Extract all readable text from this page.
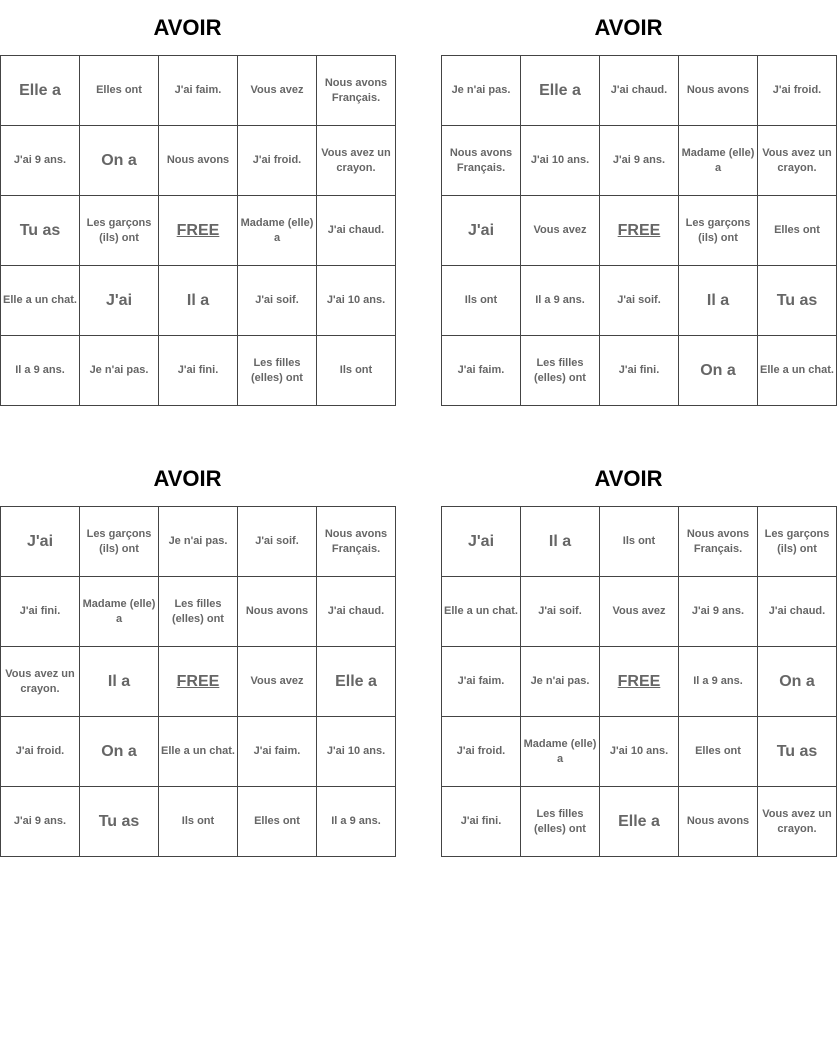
AVOIR
Elle a	Elles ont	J'ai faim.	Vous avez	Nous avons Français.
J'ai 9 ans.	On a	Nous avons	J'ai froid.	Vous avez un crayon.
Tu as	Les garçons (ils) ont	FREE	Madame (elle) a	J'ai chaud.
Elle a un chat.	J'ai	Il a	J'ai soif.	J'ai 10 ans.
Il a 9 ans.	Je n'ai pas.	J'ai fini.	Les filles (elles) ont	Ils ont
AVOIR
Je n'ai pas.	Elle a	J'ai chaud.	Nous avons	J'ai froid.
Nous avons Français.	J'ai 10 ans.	J'ai 9 ans.	Madame (elle) a	Vous avez un crayon.
J'ai	Vous avez	FREE	Les garçons (ils) ont	Elles ont
Ils ont	Il a 9 ans.	J'ai soif.	Il a	Tu as
J'ai faim.	Les filles (elles) ont	J'ai fini.	On a	Elle a un chat.
AVOIR
J'ai	Les garçons (ils) ont	Je n'ai pas.	J'ai soif.	Nous avons Français.
J'ai fini.	Madame (elle) a	Les filles (elles) ont	Nous avons	J'ai chaud.
Vous avez un crayon.	Il a	FREE	Vous avez	Elle a
J'ai froid.	On a	Elle a un chat.	J'ai faim.	J'ai 10 ans.
J'ai 9 ans.	Tu as	Ils ont	Elles ont	Il a 9 ans.
AVOIR
J'ai	Il a	Ils ont	Nous avons Français.	Les garçons (ils) ont
Elle a un chat.	J'ai soif.	Vous avez	J'ai 9 ans.	J'ai chaud.
J'ai faim.	Je n'ai pas.	FREE	Il a 9 ans.	On a
J'ai froid.	Madame (elle) a	J'ai 10 ans.	Elles ont	Tu as
J'ai fini.	Les filles (elles) ont	Elle a	Nous avons	Vous avez un crayon.
